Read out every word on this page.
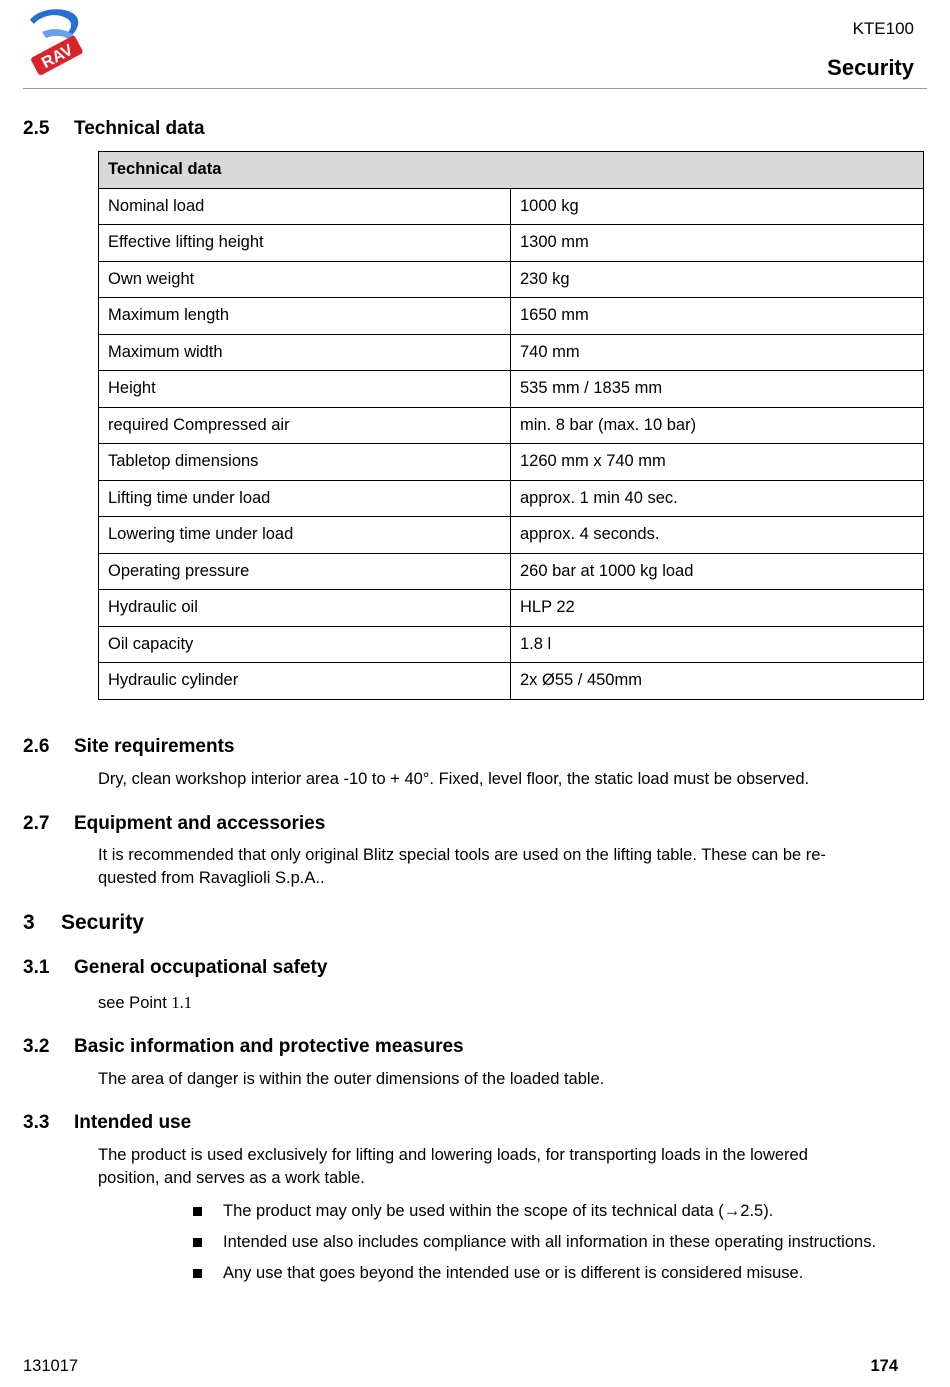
RAV
KTE100
Security
2.5 Technical data
Technical data	
Nominal load	1000 kg
Effective lifting height	1300 mm
Own weight	230 kg
Maximum length	1650 mm
Maximum width	740 mm
Height	535 mm / 1835 mm
required Compressed air	min. 8 bar (max. 10 bar)
Tabletop dimensions	1260 mm x 740 mm
Lifting time under load	approx. 1 min 40 sec.
Lowering time under load	approx. 4 seconds.
Operating pressure	260 bar at 1000 kg load
Hydraulic oil	HLP 22
Oil capacity	1.8 l
Hydraulic cylinder	2x Ø55 / 450mm
2.6 Site requirements
Dry, clean workshop interior area -10 to + 40°. Fixed, level floor, the static load must be observed.
2.7 Equipment and accessories
It is recommended that only original Blitz special tools are used on the lifting table. These can be re-
quested from Ravaglioli S.p.A..
3 Security
3.1 General occupational safety
see Point 1.1
3.2 Basic information and protective measures
The area of danger is within the outer dimensions of the loaded table.
3.3 Intended use
The product is used exclusively for lifting and lowering loads, for transporting loads in the lowered
position, and serves as a work table.
The product may only be used within the scope of its technical data (→2.5).
Intended use also includes compliance with all information in these operating instructions.
Any use that goes beyond the intended use or is different is considered misuse.
131017	174
